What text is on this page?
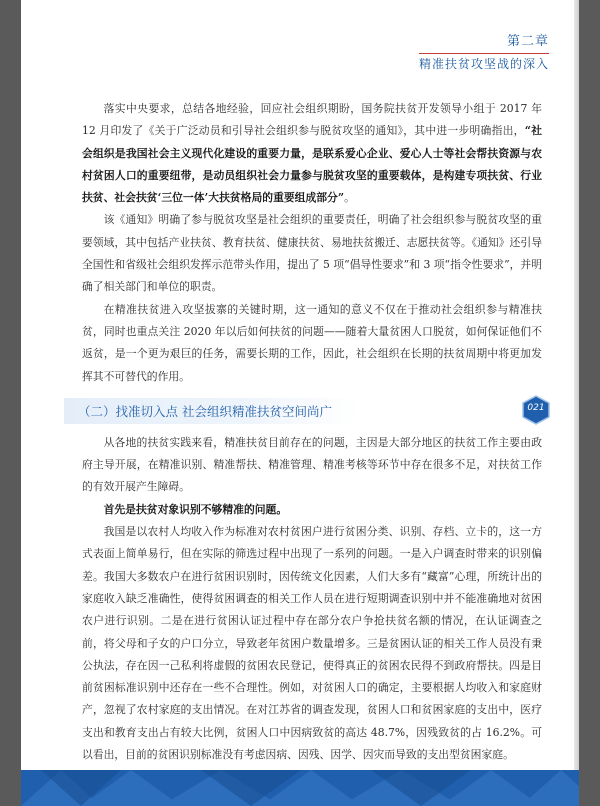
第二章
精准扶贫攻坚战的深入

落实中央要求，总结各地经验，回应社会组织期盼，国务院扶贫开发领导小组于 2017 年 12 月印发了《关于广泛动员和引导社会组织参与脱贫攻坚的通知》，其中进一步明确指出，“社会组织是我国社会主义现代化建设的重要力量，是联系爱心企业、爱心人士等社会帮扶资源与农村贫困人口的重要纽带，是动员组织社会力量参与脱贫攻坚的重要载体，是构建专项扶贫、行业扶贫、社会扶贫‘三位一体’大扶贫格局的重要组成部分”。

该《通知》明确了参与脱贫攻坚是社会组织的重要责任，明确了社会组织参与脱贫攻坚的重要领域，其中包括产业扶贫、教育扶贫、健康扶贫、易地扶贫搬迁、志愿扶贫等。《通知》还引导全国性和省级社会组织发挥示范带头作用，提出了 5 项“倡导性要求”和 3 项“指令性要求”，并明确了相关部门和单位的职责。

在精准扶贫进入攻坚拔寨的关键时期，这一通知的意义不仅在于推动社会组织参与精准扶贫，同时也重点关注 2020 年以后如何扶贫的问题——随着大量贫困人口脱贫，如何保证他们不返贫，是一个更为艰巨的任务，需要长期的工作，因此，社会组织在长期的扶贫周期中将更加发挥其不可替代的作用。

（二）找准切入点 社会组织精准扶贫空间尚广

从各地的扶贫实践来看，精准扶贫目前存在的问题，主因是大部分地区的扶贫工作主要由政府主导开展，在精准识别、精准帮扶、精准管理、精准考核等环节中存在很多不足，对扶贫工作的有效开展产生障碍。

首先是扶贫对象识别不够精准的问题。

我国是以农村人均收入作为标准对农村贫困户进行贫困分类、识别、存档、立卡的，这一方式表面上简单易行，但在实际的筛选过程中出现了一系列的问题。一是入户调查时带来的识别偏差。我国大多数农户在进行贫困识别时，因传统文化因素，人们大多有“藏富”心理，所统计出的家庭收入缺乏准确性，使得贫困调查的相关工作人员在进行短期调查识别中并不能准确地对贫困农户进行识别。二是在进行贫困认证过程中存在部分农户争抢扶贫名额的情况，在认证调查之前，将父母和子女的户口分立，导致老年贫困户数量增多。三是贫困认证的相关工作人员没有秉公执法，存在因一己私利将虚假的贫困农民登记，使得真正的贫困农民得不到政府帮扶。四是目前贫困标准识别中还存在一些不合理性。例如，对贫困人口的确定，主要根据人均收入和家庭财产，忽视了农村家庭的支出情况。在对江苏省的调查发现，贫困人口和贫困家庭的支出中，医疗支出和教育支出占有较大比例，贫困人口中因病致贫的高达 48.7%，因残致贫的占 16.2%。可以看出，目前的贫困识别标准没有考虑因病、因残、因学、因灾而导致的支出型贫困家庭。

021
